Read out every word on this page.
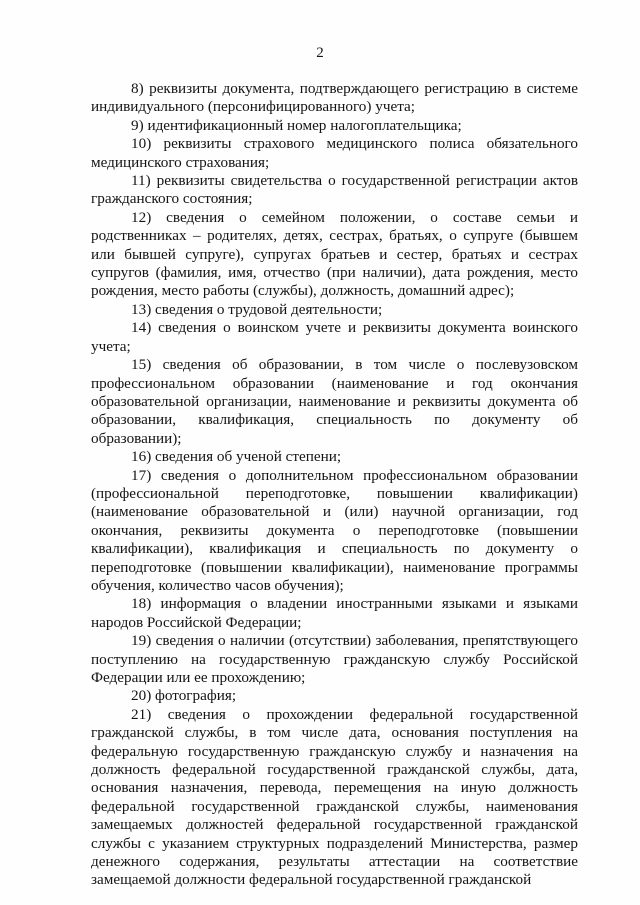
2

8) реквизиты документа, подтверждающего регистрацию в системе индивидуального (персонифицированного) учета;

9) идентификационный номер налогоплательщика;

10) реквизиты страхового медицинского полиса обязательного медицинского страхования;

11) реквизиты свидетельства о государственной регистрации актов гражданского состояния;

12) сведения о семейном положении, о составе семьи и родственниках – родителях, детях, сестрах, братьях, о супруге (бывшем или бывшей супруге), супругах братьев и сестер, братьях и сестрах супругов (фамилия, имя, отчество (при наличии), дата рождения, место рождения, место работы (службы), должность, домашний адрес);

13) сведения о трудовой деятельности;

14) сведения о воинском учете и реквизиты документа воинского учета;

15) сведения об образовании, в том числе о послевузовском профессиональном образовании (наименование и год окончания образовательной организации, наименование и реквизиты документа об образовании, квалификация, специальность по документу об образовании);

16) сведения об ученой степени;

17) сведения о дополнительном профессиональном образовании (профессиональной переподготовке, повышении квалификации) (наименование образовательной и (или) научной организации, год окончания, реквизиты документа о переподготовке (повышении квалификации), квалификация и специальность по документу о переподготовке (повышении квалификации), наименование программы обучения, количество часов обучения);

18) информация о владении иностранными языками и языками народов Российской Федерации;

19) сведения о наличии (отсутствии) заболевания, препятствующего поступлению на государственную гражданскую службу Российской Федерации или ее прохождению;

20) фотография;

21) сведения о прохождении федеральной государственной гражданской службы, в том числе дата, основания поступления на федеральную государственную гражданскую службу и назначения на должность федеральной государственной гражданской службы, дата, основания назначения, перевода, перемещения на иную должность федеральной государственной гражданской службы, наименования замещаемых должностей федеральной государственной гражданской службы с указанием структурных подразделений Министерства, размер денежного содержания, результаты аттестации на соответствие замещаемой должности федеральной государственной гражданской
